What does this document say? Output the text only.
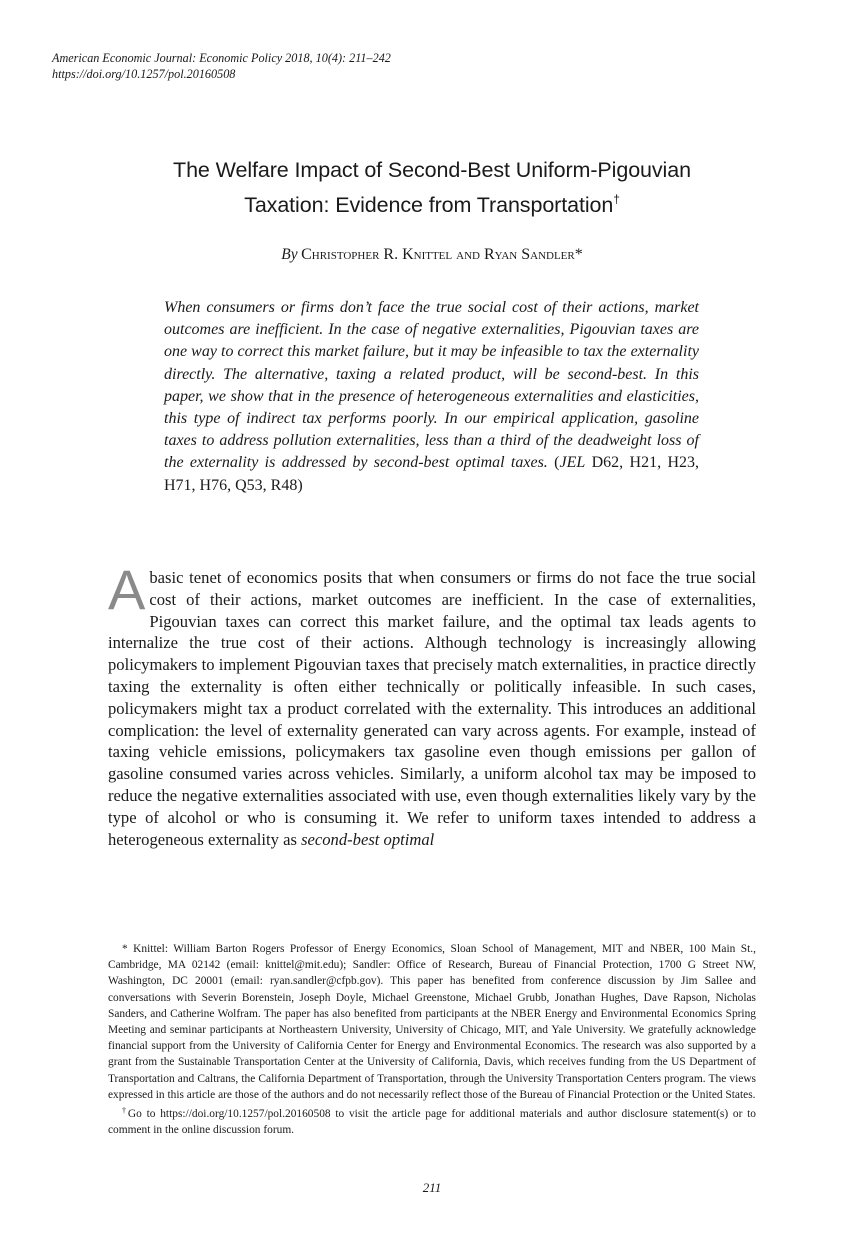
American Economic Journal: Economic Policy 2018, 10(4): 211–242
https://doi.org/10.1257/pol.20160508
The Welfare Impact of Second-Best Uniform-Pigouvian
Taxation: Evidence from Transportation†
By Christopher R. Knittel and Ryan Sandler*
When consumers or firms don’t face the true social cost of their actions, market outcomes are inefficient. In the case of negative externalities, Pigouvian taxes are one way to correct this market failure, but it may be infeasible to tax the externality directly. The alternative, taxing a related product, will be second-best. In this paper, we show that in the presence of heterogeneous externalities and elasticities, this type of indirect tax performs poorly. In our empirical application, gasoline taxes to address pollution externalities, less than a third of the deadweight loss of the externality is addressed by second-best optimal taxes. (JEL D62, H21, H23, H71, H76, Q53, R48)
A basic tenet of economics posits that when consumers or firms do not face the true social cost of their actions, market outcomes are inefficient. In the case of externalities, Pigouvian taxes can correct this market failure, and the optimal tax leads agents to internalize the true cost of their actions. Although technology is increasingly allowing policymakers to implement Pigouvian taxes that precisely match externalities, in practice directly taxing the externality is often either technically or politically infeasible. In such cases, policymakers might tax a product correlated with the externality. This introduces an additional complication: the level of externality generated can vary across agents. For example, instead of taxing vehicle emissions, policymakers tax gasoline even though emissions per gallon of gasoline consumed varies across vehicles. Similarly, a uniform alcohol tax may be imposed to reduce the negative externalities associated with use, even though externalities likely vary by the type of alcohol or who is consuming it. We refer to uniform taxes intended to address a heterogeneous externality as second-best optimal

* Knittel: William Barton Rogers Professor of Energy Economics, Sloan School of Management, MIT and NBER, 100 Main St., Cambridge, MA 02142 (email: knittel@mit.edu); Sandler: Office of Research, Bureau of Financial Protection, 1700 G Street NW, Washington, DC 20001 (email: ryan.sandler@cfpb.gov). This paper has benefited from conference discussion by Jim Sallee and conversations with Severin Borenstein, Joseph Doyle, Michael Greenstone, Michael Grubb, Jonathan Hughes, Dave Rapson, Nicholas Sanders, and Catherine Wolfram. The paper has also benefited from participants at the NBER Energy and Environmental Economics Spring Meeting and seminar participants at Northeastern University, University of Chicago, MIT, and Yale University. We gratefully acknowledge financial support from the University of California Center for Energy and Environmental Economics. The research was also supported by a grant from the Sustainable Transportation Center at the University of California, Davis, which receives funding from the US Department of Transportation and Caltrans, the California Department of Transportation, through the University Transportation Centers program. The views expressed in this article are those of the authors and do not necessarily reflect those of the Bureau of Financial Protection or the United States.

†Go to https://doi.org/10.1257/pol.20160508 to visit the article page for additional materials and author disclosure statement(s) or to comment in the online discussion forum.

211
